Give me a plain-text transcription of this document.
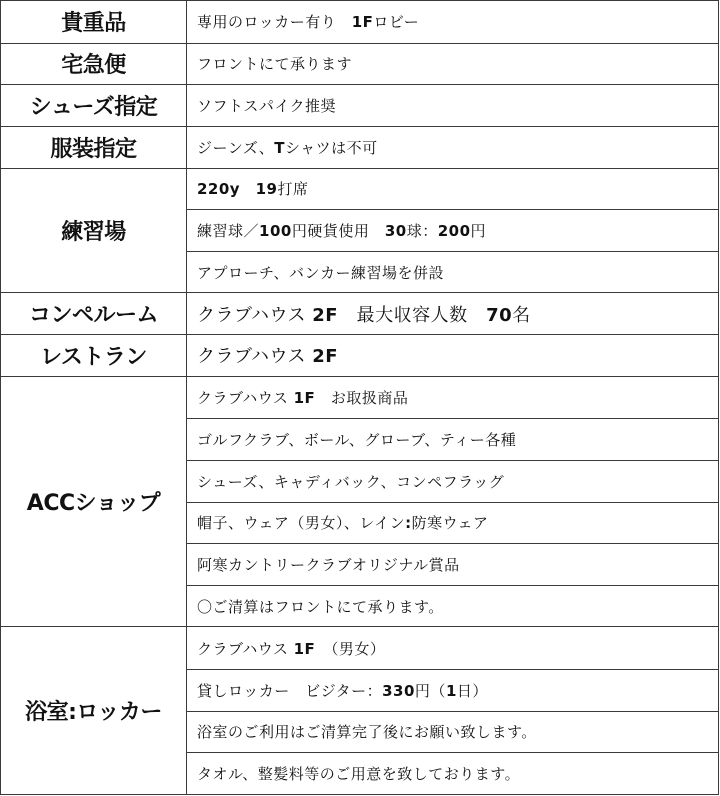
貴重品	専用のロッカー有り　1Fロビー
宅急便	フロントにて承ります
シューズ指定	ソフトスパイク推奨
服装指定	ジーンズ、Tシャツは不可
練習場	220y　 19打席
	練習球／100円硬貨使用　30球：200円
	アプローチ、バンカー練習場を併設
コンペルーム	クラブハウス 2F　最大収容人数　70名
レストラン	クラブハウス 2F
ACCショップ	クラブハウス 1F　お取扱商品
	ゴルフクラブ、ボール、グローブ、ティー各種
	シューズ、キャディバック、コンペフラッグ
	帽子、ウェア（男女）、レイン:防寒ウェア
	阿寒カントリークラブオリジナル賞品
	〇ご清算はフロントにて承ります。
浴室:ロッカー	クラブハウス 1F　（男女）
	貸しロッカー　ビジター：330円（1日）
	浴室のご利用はご清算完了後にお願い致します。
	タオル、整髪料等のご用意を致しております。
